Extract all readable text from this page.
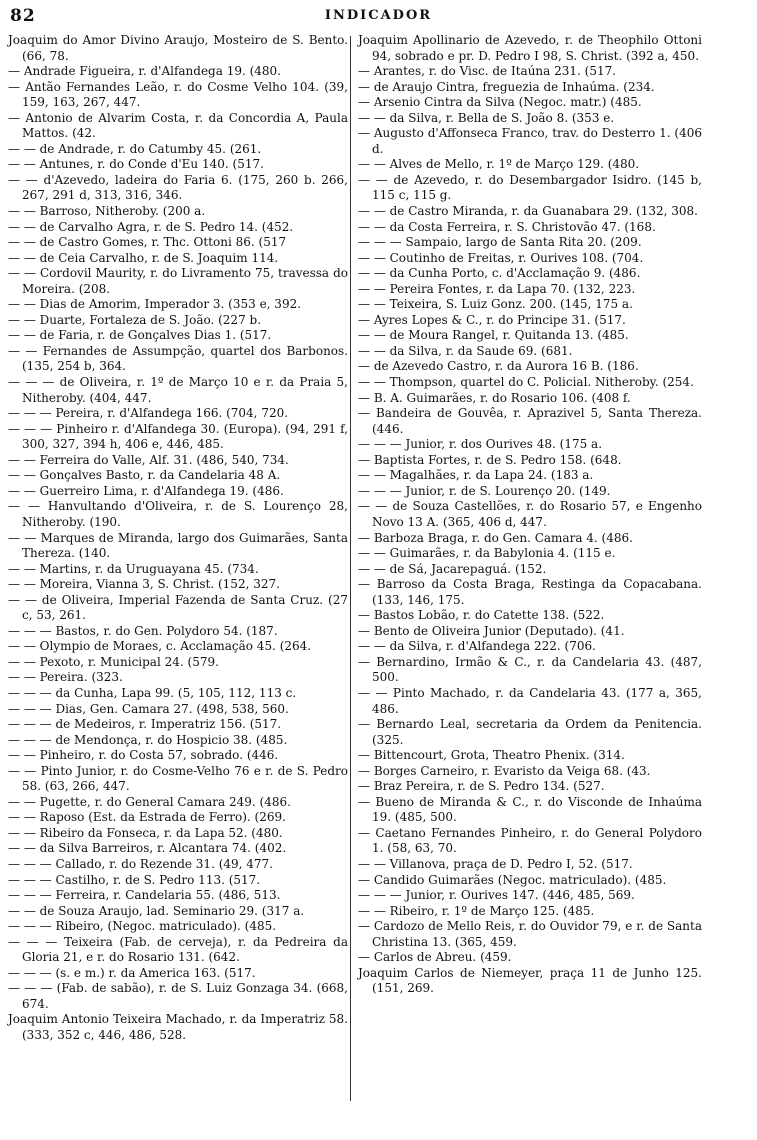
82	INDICADOR

Joaquim do Amor Divino Araujo, Mosteiro de S. Bento. (66, 78.

— Andrade Figueira, r. d'Alfandega 19. (480.

— Antão Fernandes Leão, r. do Cosme Velho 104. (39, 159, 163, 267, 447.

— Antonio de Alvarim Costa, r. da Concordia A, Paula Mattos. (42.

— — de Andrade, r. do Catumby 45. (261.

— — Antunes, r. do Conde d'Eu 140. (517.

— — d'Azevedo, ladeira do Faria 6. (175, 260 b. 266, 267, 291 d, 313, 316, 346.

— — Barroso, Nitheroby. (200 a.

— — de Carvalho Agra, r. de S. Pedro 14. (452.

— — de Castro Gomes, r. Thc. Ottoni 86. (517

— — de Ceia Carvalho, r. de S. Joaquim 114.

— — Cordovil Maurity, r. do Livramento 75, travessa do Moreira. (208.

— — Dias de Amorim, Imperador 3. (353 e, 392.

— — Duarte, Fortaleza de S. João. (227 b.

— — de Faria, r. de Gonçalves Dias 1. (517.

— — Fernandes de Assumpção, quartel dos Barbonos. (135, 254 b, 364.

— — — de Oliveira, r. 1º de Março 10 e r. da Praia 5, Nitheroby. (404, 447.

— — — Pereira, r. d'Alfandega 166. (704, 720.

— — — Pinheiro r. d'Alfandega 30. (Europa). (94, 291 f, 300, 327, 394 h, 406 e, 446, 485.

— — Ferreira do Valle, Alf. 31. (486, 540, 734.

— — Gonçalves Basto, r. da Candelaria 48 A.

— — Guerreiro Lima, r. d'Alfandega 19. (486.

— — Hanvultando d'Oliveira, r. de S. Lourenço 28, Nitheroby. (190.

— — Marques de Miranda, largo dos Guimarães, Santa Thereza. (140.

— — Martins, r. da Uruguayana 45. (734.

— — Moreira, Vianna 3, S. Christ. (152, 327.

— — de Oliveira, Imperial Fazenda de Santa Cruz. (27 c, 53, 261.

— — — Bastos, r. do Gen. Polydoro 54. (187.

— — Olympio de Moraes, c. Acclamação 45. (264.

— — Pexoto, r. Municipal 24. (579.

— — Pereira. (323.

— — — da Cunha, Lapa 99. (5, 105, 112, 113 c.

— — — Dias, Gen. Camara 27. (498, 538, 560.

— — — de Medeiros, r. Imperatriz 156. (517.

— — — de Mendonça, r. do Hospicio 38. (485.

— — Pinheiro, r. do Costa 57, sobrado. (446.

— — Pinto Junior, r. do Cosme-Velho 76 e r. de S. Pedro 58. (63, 266, 447.

— — Pugette, r. do General Camara 249. (486.

— — Raposo (Est. da Estrada de Ferro). (269.

— — Ribeiro da Fonseca, r. da Lapa 52. (480.

— — da Silva Barreiros, r. Alcantara 74. (402.

— — — Callado, r. do Rezende 31. (49, 477.

— — — Castilho, r. de S. Pedro 113. (517.

— — — Ferreira, r. Candelaria 55. (486, 513.

— — de Souza Araujo, lad. Seminario 29. (317 a.

— — — Ribeiro, (Negoc. matriculado). (485.

— — — Teixeira (Fab. de cerveja), r. da Pedreira da Gloria 21, e r. do Rosario 131. (642.

— — — (s. e m.) r. da America 163. (517.

— — — (Fab. de sabão), r. de S. Luiz Gonzaga 34. (668, 674.

Joaquim Antonio Teixeira Machado, r. da Imperatriz 58. (333, 352 c, 446, 486, 528.

Joaquim Apollinario de Azevedo, r. de Theophilo Ottoni 94, sobrado e pr. D. Pedro I 98, S. Christ. (392 a, 450.

— Arantes, r. do Visc. de Itaúna 231. (517.

— de Araujo Cintra, freguezia de Inhaúma. (234.

— Arsenio Cintra da Silva (Negoc. matr.) (485.

— — da Silva, r. Bella de S. João 8. (353 e.

— Augusto d'Affonseca Franco, trav. do Desterro 1. (406 d.

— — Alves de Mello, r. 1º de Março 129. (480.

— — de Azevedo, r. do Desembargador Isidro. (145 b, 115 c, 115 g.

— — de Castro Miranda, r. da Guanabara 29. (132, 308.

— — da Costa Ferreira, r. S. Christovão 47. (168.

— — — Sampaio, largo de Santa Rita 20. (209.

— — Coutinho de Freitas, r. Ourives 108. (704.

— — da Cunha Porto, c. d'Acclamação 9. (486.

— — Pereira Fontes, r. da Lapa 70. (132, 223.

— — Teixeira, S. Luiz Gonz. 200. (145, 175 a.

— Ayres Lopes & C., r. do Principe 31. (517.

— — de Moura Rangel, r. Quitanda 13. (485.

— — da Silva, r. da Saude 69. (681.

— de Azevedo Castro, r. da Aurora 16 B. (186.

— — Thompson, quartel do C. Policial. Nitheroby. (254.

— B. A. Guimarães, r. do Rosario 106. (408 f.

— Bandeira de Gouvêa, r. Aprazivel 5, Santa Thereza. (446.

— — — Junior, r. dos Ourives 48. (175 a.

— Baptista Fortes, r. de S. Pedro 158. (648.

— — Magalhães, r. da Lapa 24. (183 a.

— — — Junior, r. de S. Lourenço 20. (149.

— — de Souza Castellões, r. do Rosario 57, e Engenho Novo 13 A. (365, 406 d, 447.

— Barboza Braga, r. do Gen. Camara 4. (486.

— — Guimarães, r. da Babylonia 4. (115 e.

— — de Sá, Jacarepaguá. (152.

— Barroso da Costa Braga, Restinga da Copacabana. (133, 146, 175.

— Bastos Lobão, r. do Catette 138. (522.

— Bento de Oliveira Junior (Deputado). (41.

— — da Silva, r. d'Alfandega 222. (706.

— Bernardino, Irmão & C., r. da Candelaria 43. (487, 500.

— — Pinto Machado, r. da Candelaria 43. (177 a, 365, 486.

— Bernardo Leal, secretaria da Ordem da Penitencia. (325.

— Bittencourt, Grota, Theatro Phenix. (314.

— Borges Carneiro, r. Evaristo da Veiga 68. (43.

— Braz Pereira, r. de S. Pedro 134. (527.

— Bueno de Miranda & C., r. do Visconde de Inhaúma 19. (485, 500.

— Caetano Fernandes Pinheiro, r. do General Polydoro 1. (58, 63, 70.

— — Villanova, praça de D. Pedro I, 52. (517.

— Candido Guimarães (Negoc. matriculado). (485.

— — — Junior, r. Ourives 147. (446, 485, 569.

— — Ribeiro, r. 1º de Março 125. (485.

— Cardozo de Mello Reis, r. do Ouvidor 79, e r. de Santa Christina 13. (365, 459.

— Carlos de Abreu. (459.

Joaquim Carlos de Niemeyer, praça 11 de Junho 125. (151, 269.
